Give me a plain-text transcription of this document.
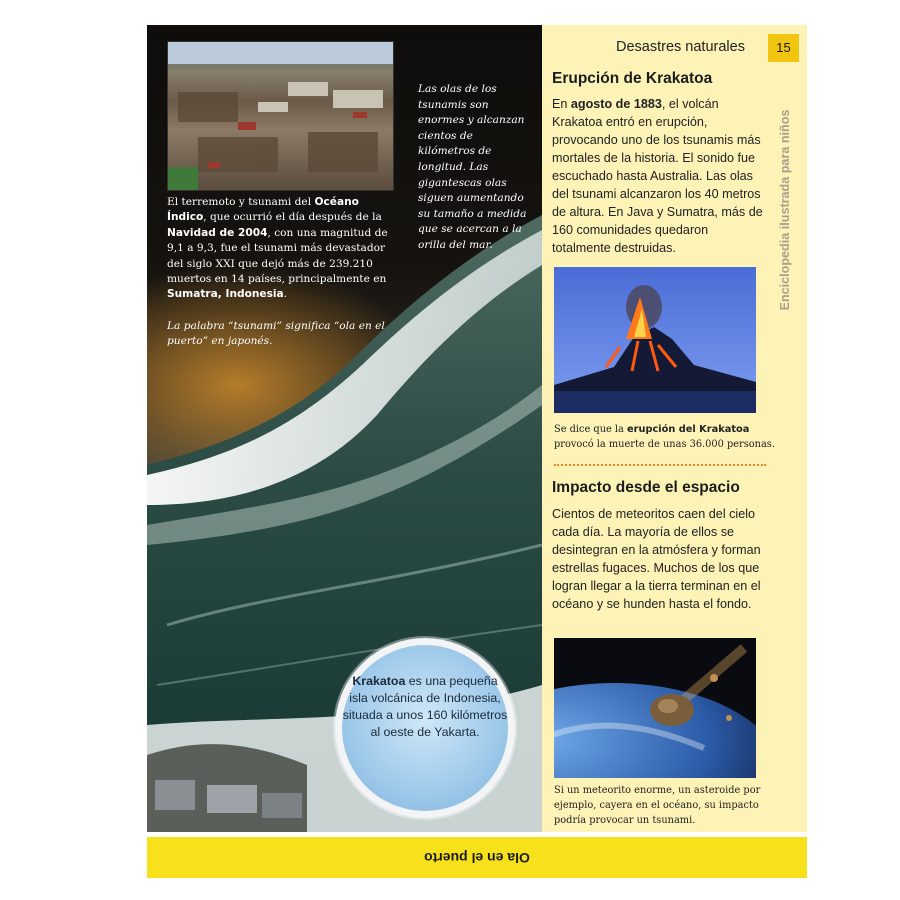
El terremoto y tsunami del Océano Índico, que ocurrió el día después de la Navidad de 2004, con una magnitud de 9,1 a 9,3, fue el tsunami más devastador del siglo XXI que dejó más de 239.210 muertos en 14 países, principalmente en Sumatra, Indonesia.
La palabra “tsunami” significa “ola en el puerto” en japonés.
Las olas de los tsunamis son enormes y alcanzan cientos de kilómetros de longitud. Las gigantescas olas siguen aumentando su tamaño a medida que se acercan a la orilla del mar.
Krakatoa es una pequeña isla volcánica de Indonesia, situada a unos 160 kilómetros al oeste de Yakarta.
Desastres naturales	15
Enciclopedia ilustrada para niños
Erupción de Krakatoa
En agosto de 1883, el volcán Krakatoa entró en erupción, provocando uno de los tsunamis más mortales de la historia. El sonido fue escuchado hasta Australia. Las olas del tsunami alcanzaron los 40 metros de altura. En Java y Sumatra, más de 160 comunidades quedaron totalmente destruidas.
Se dice que la erupción del Krakatoa provocó la muerte de unas 36.000 personas.
Impacto desde el espacio
Cientos de meteoritos caen del cielo cada día. La mayoría de ellos se desintegran en la atmósfera y forman estrellas fugaces. Muchos de los que logran llegar a la tierra terminan en el océano y se hunden hasta el fondo.
Si un meteorito enorme, un asteroide por ejemplo, cayera en el océano, su impacto podría provocar un tsunami.
Ola en el puerto
